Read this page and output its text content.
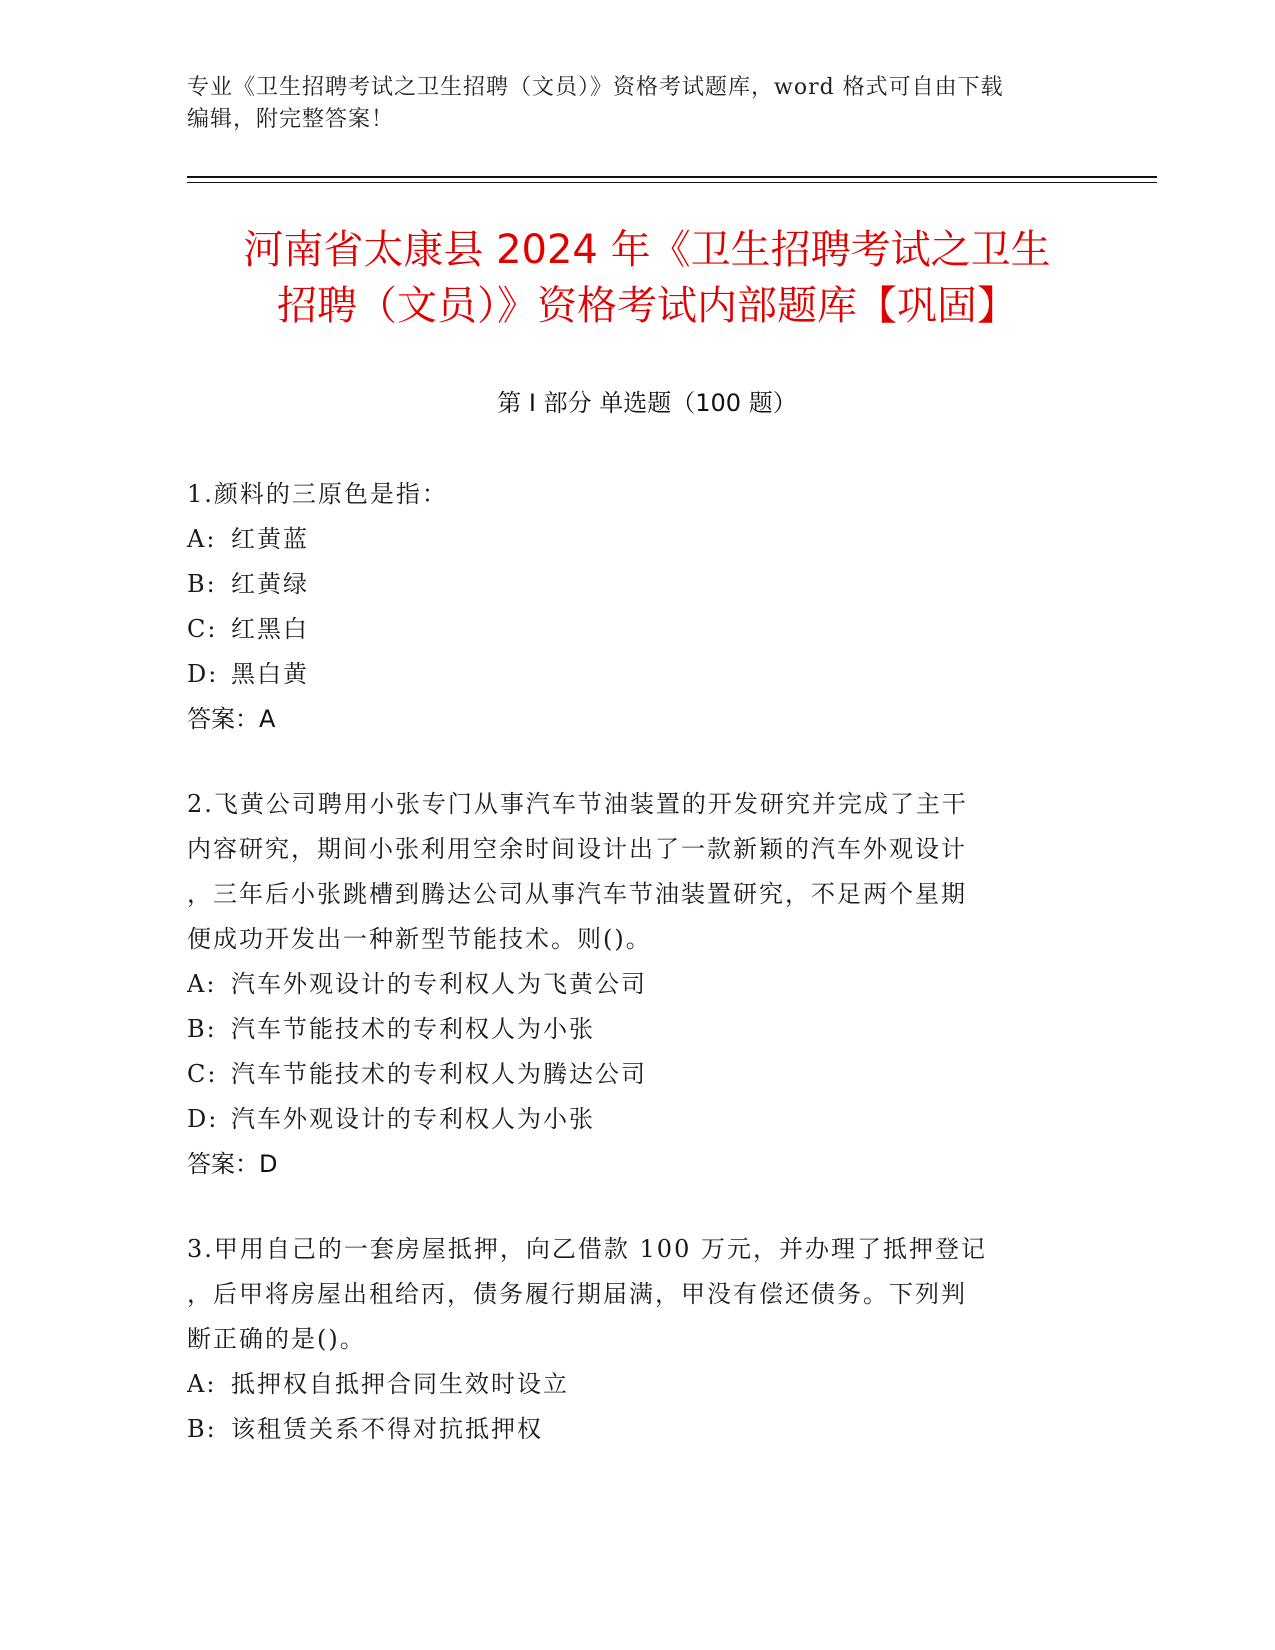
专业《卫生招聘考试之卫生招聘（文员）》资格考试题库，word 格式可自由下载
编辑，附完整答案！
河南省太康县 2024 年《卫生招聘考试之卫生
招聘（文员）》资格考试内部题库【巩固】
第 I 部分 单选题（100 题）
1.颜料的三原色是指：
A: 红黄蓝
B: 红黄绿
C: 红黑白
D: 黑白黄
答案：A
2.飞黄公司聘用小张专门从事汽车节油装置的开发研究并完成了主干
内容研究，期间小张利用空余时间设计出了一款新颖的汽车外观设计
，三年后小张跳槽到腾达公司从事汽车节油装置研究，不足两个星期
便成功开发出一种新型节能技术。则()。
A: 汽车外观设计的专利权人为飞黄公司
B: 汽车节能技术的专利权人为小张
C: 汽车节能技术的专利权人为腾达公司
D: 汽车外观设计的专利权人为小张
答案：D
3.甲用自己的一套房屋抵押，向乙借款 100 万元，并办理了抵押登记
，后甲将房屋出租给丙，债务履行期届满，甲没有偿还债务。下列判
断正确的是()。
A: 抵押权自抵押合同生效时设立
B: 该租赁关系不得对抗抵押权
